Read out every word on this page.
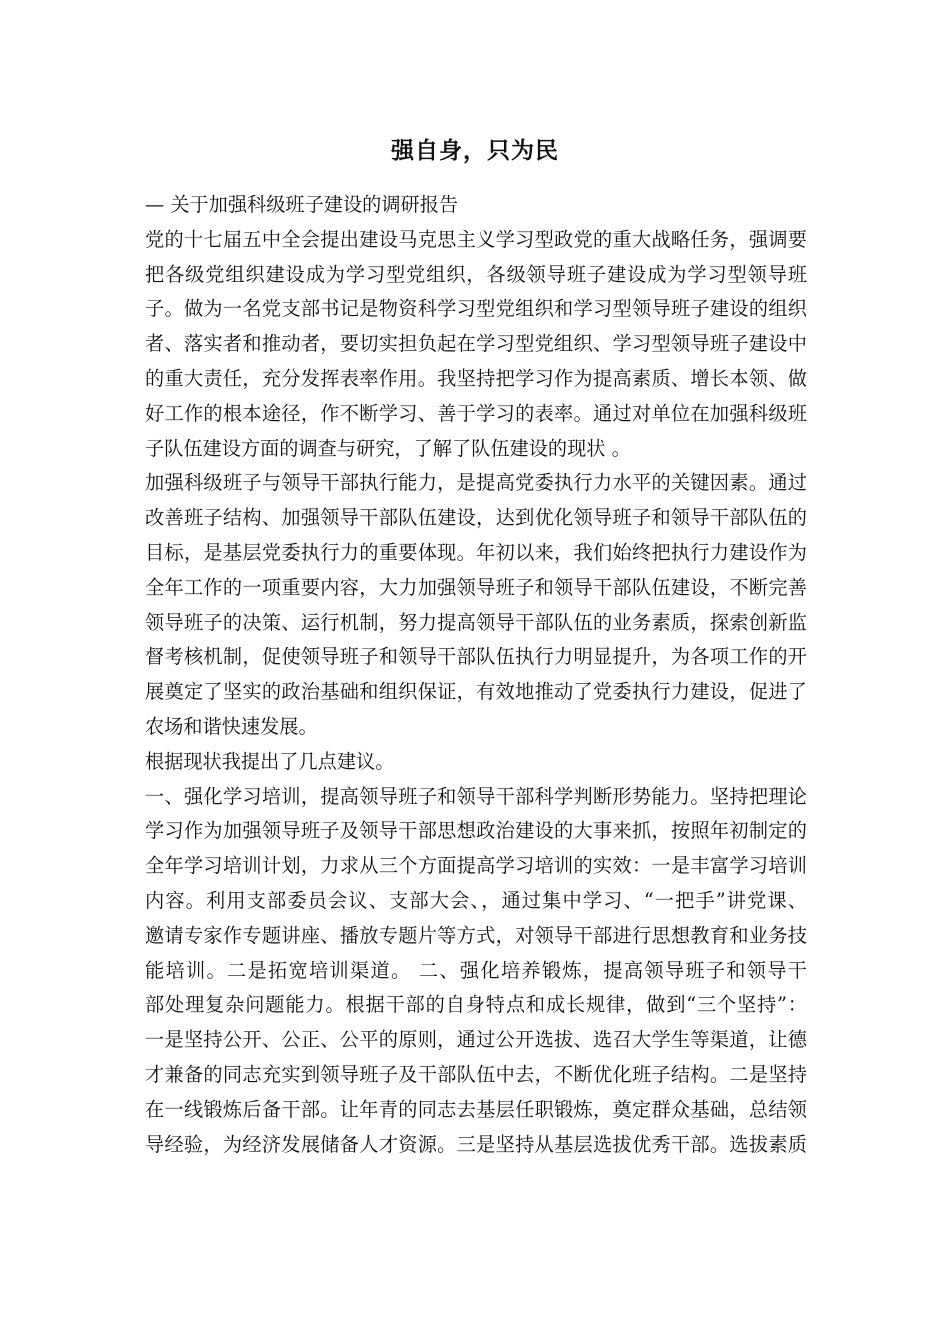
强自身，只为民
— 关于加强科级班子建设的调研报告
党的十七届五中全会提出建设马克思主义学习型政党的重大战略任务，强调要
把各级党组织建设成为学习型党组织，各级领导班子建设成为学习型领导班
子。做为一名党支部书记是物资科学习型党组织和学习型领导班子建设的组织
者、落实者和推动者，要切实担负起在学习型党组织、学习型领导班子建设中
的重大责任，充分发挥表率作用。我坚持把学习作为提高素质、增长本领、做
好工作的根本途径，作不断学习、善于学习的表率。通过对单位在加强科级班
子队伍建设方面的调查与研究，了解了队伍建设的现状 。
加强科级班子与领导干部执行能力，是提高党委执行力水平的关键因素。通过
改善班子结构、加强领导干部队伍建设，达到优化领导班子和领导干部队伍的
目标，是基层党委执行力的重要体现。年初以来，我们始终把执行力建设作为
全年工作的一项重要内容，大力加强领导班子和领导干部队伍建设，不断完善
领导班子的决策、运行机制，努力提高领导干部队伍的业务素质，探索创新监
督考核机制，促使领导班子和领导干部队伍执行力明显提升，为各项工作的开
展奠定了坚实的政治基础和组织保证，有效地推动了党委执行力建设，促进了
农场和谐快速发展。
根据现状我提出了几点建议。
一、强化学习培训，提高领导班子和领导干部科学判断形势能力。坚持把理论
学习作为加强领导班子及领导干部思想政治建设的大事来抓，按照年初制定的
全年学习培训计划，力求从三个方面提高学习培训的实效：一是丰富学习培训
内容。利用支部委员会议、支部大会、，通过集中学习、“一把手”讲党课、
邀请专家作专题讲座、播放专题片等方式，对领导干部进行思想教育和业务技
能培训。二是拓宽培训渠道。 二、强化培养锻炼，提高领导班子和领导干
部处理复杂问题能力。根据干部的自身特点和成长规律，做到“三个坚持”：
一是坚持公开、公正、公平的原则，通过公开选拔、选召大学生等渠道，让德
才兼备的同志充实到领导班子及干部队伍中去，不断优化班子结构。二是坚持
在一线锻炼后备干部。让年青的同志去基层任职锻炼，奠定群众基础，总结领
导经验，为经济发展储备人才资源。三是坚持从基层选拔优秀干部。选拔素质
